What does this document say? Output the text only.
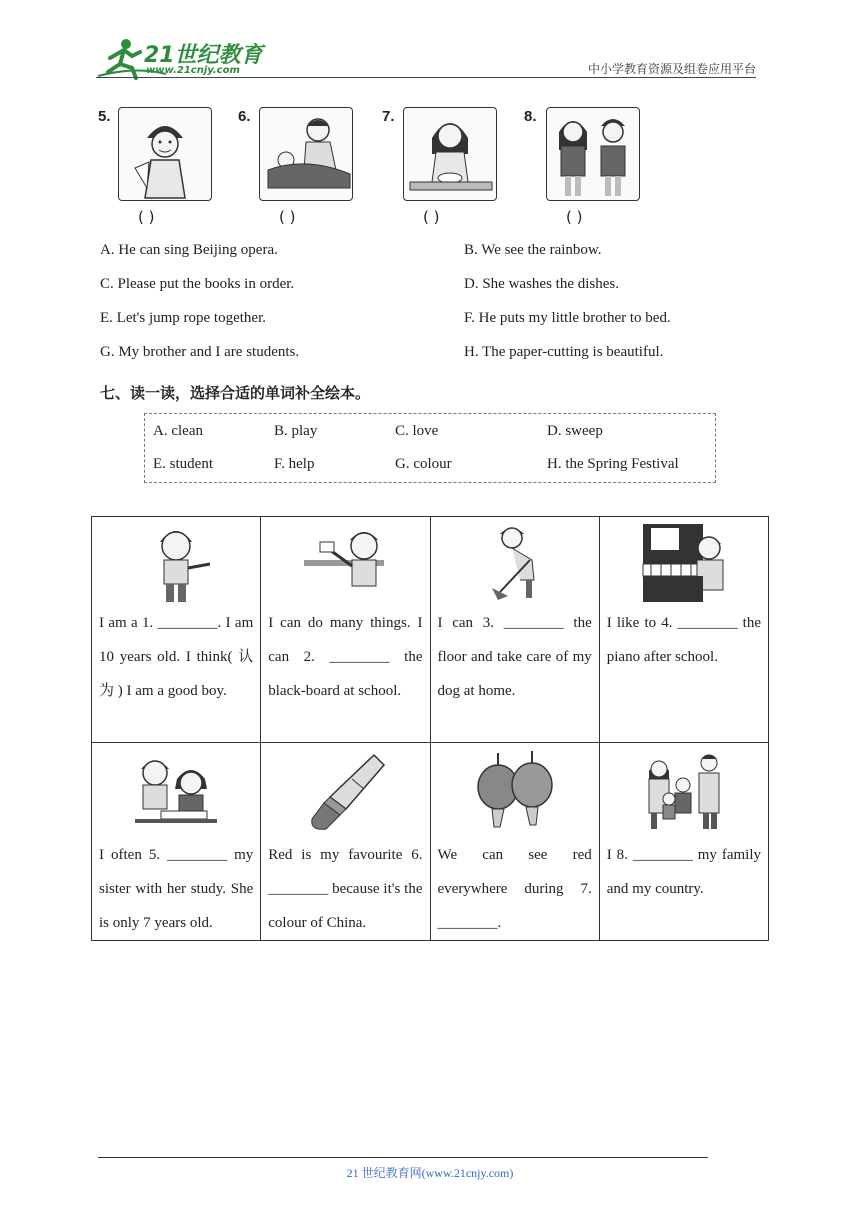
21世纪教育
www.21cnjy.com	中小学教育资源及组卷应用平台
5.
( )
6.
( )
7.
( )
8.
( )
A. He can sing Beijing opera.	B. We see the rainbow.
C. Please put the books in order.	D. She washes the dishes.
E. Let's jump rope together.	F. He puts my little brother to bed.
G. My brother and I are students.	H. The paper-cutting is beautiful.
七、读一读，选择合适的单词补全绘本。
A. clean	B. play	C. love	D. sweep
E. student	F. help	G. colour	H. the Spring Festival
I am a 1. ________. I am 10 years old. I think( 认 为 ) I am a good boy.	I can do many things. I can 2. ________ the black-board at school.	I can 3. ________ the floor and take care of my dog at home.	I like to 4. ________ the piano after school.

I often 5. ________ my sister with her study. She is only 7 years old.	Red is my favourite 6. ________ because it's the colour of China.	We can see red everywhere during 7. ________.	I 8. ________ my family and my country.
21 世纪教育网(www.21cnjy.com)
